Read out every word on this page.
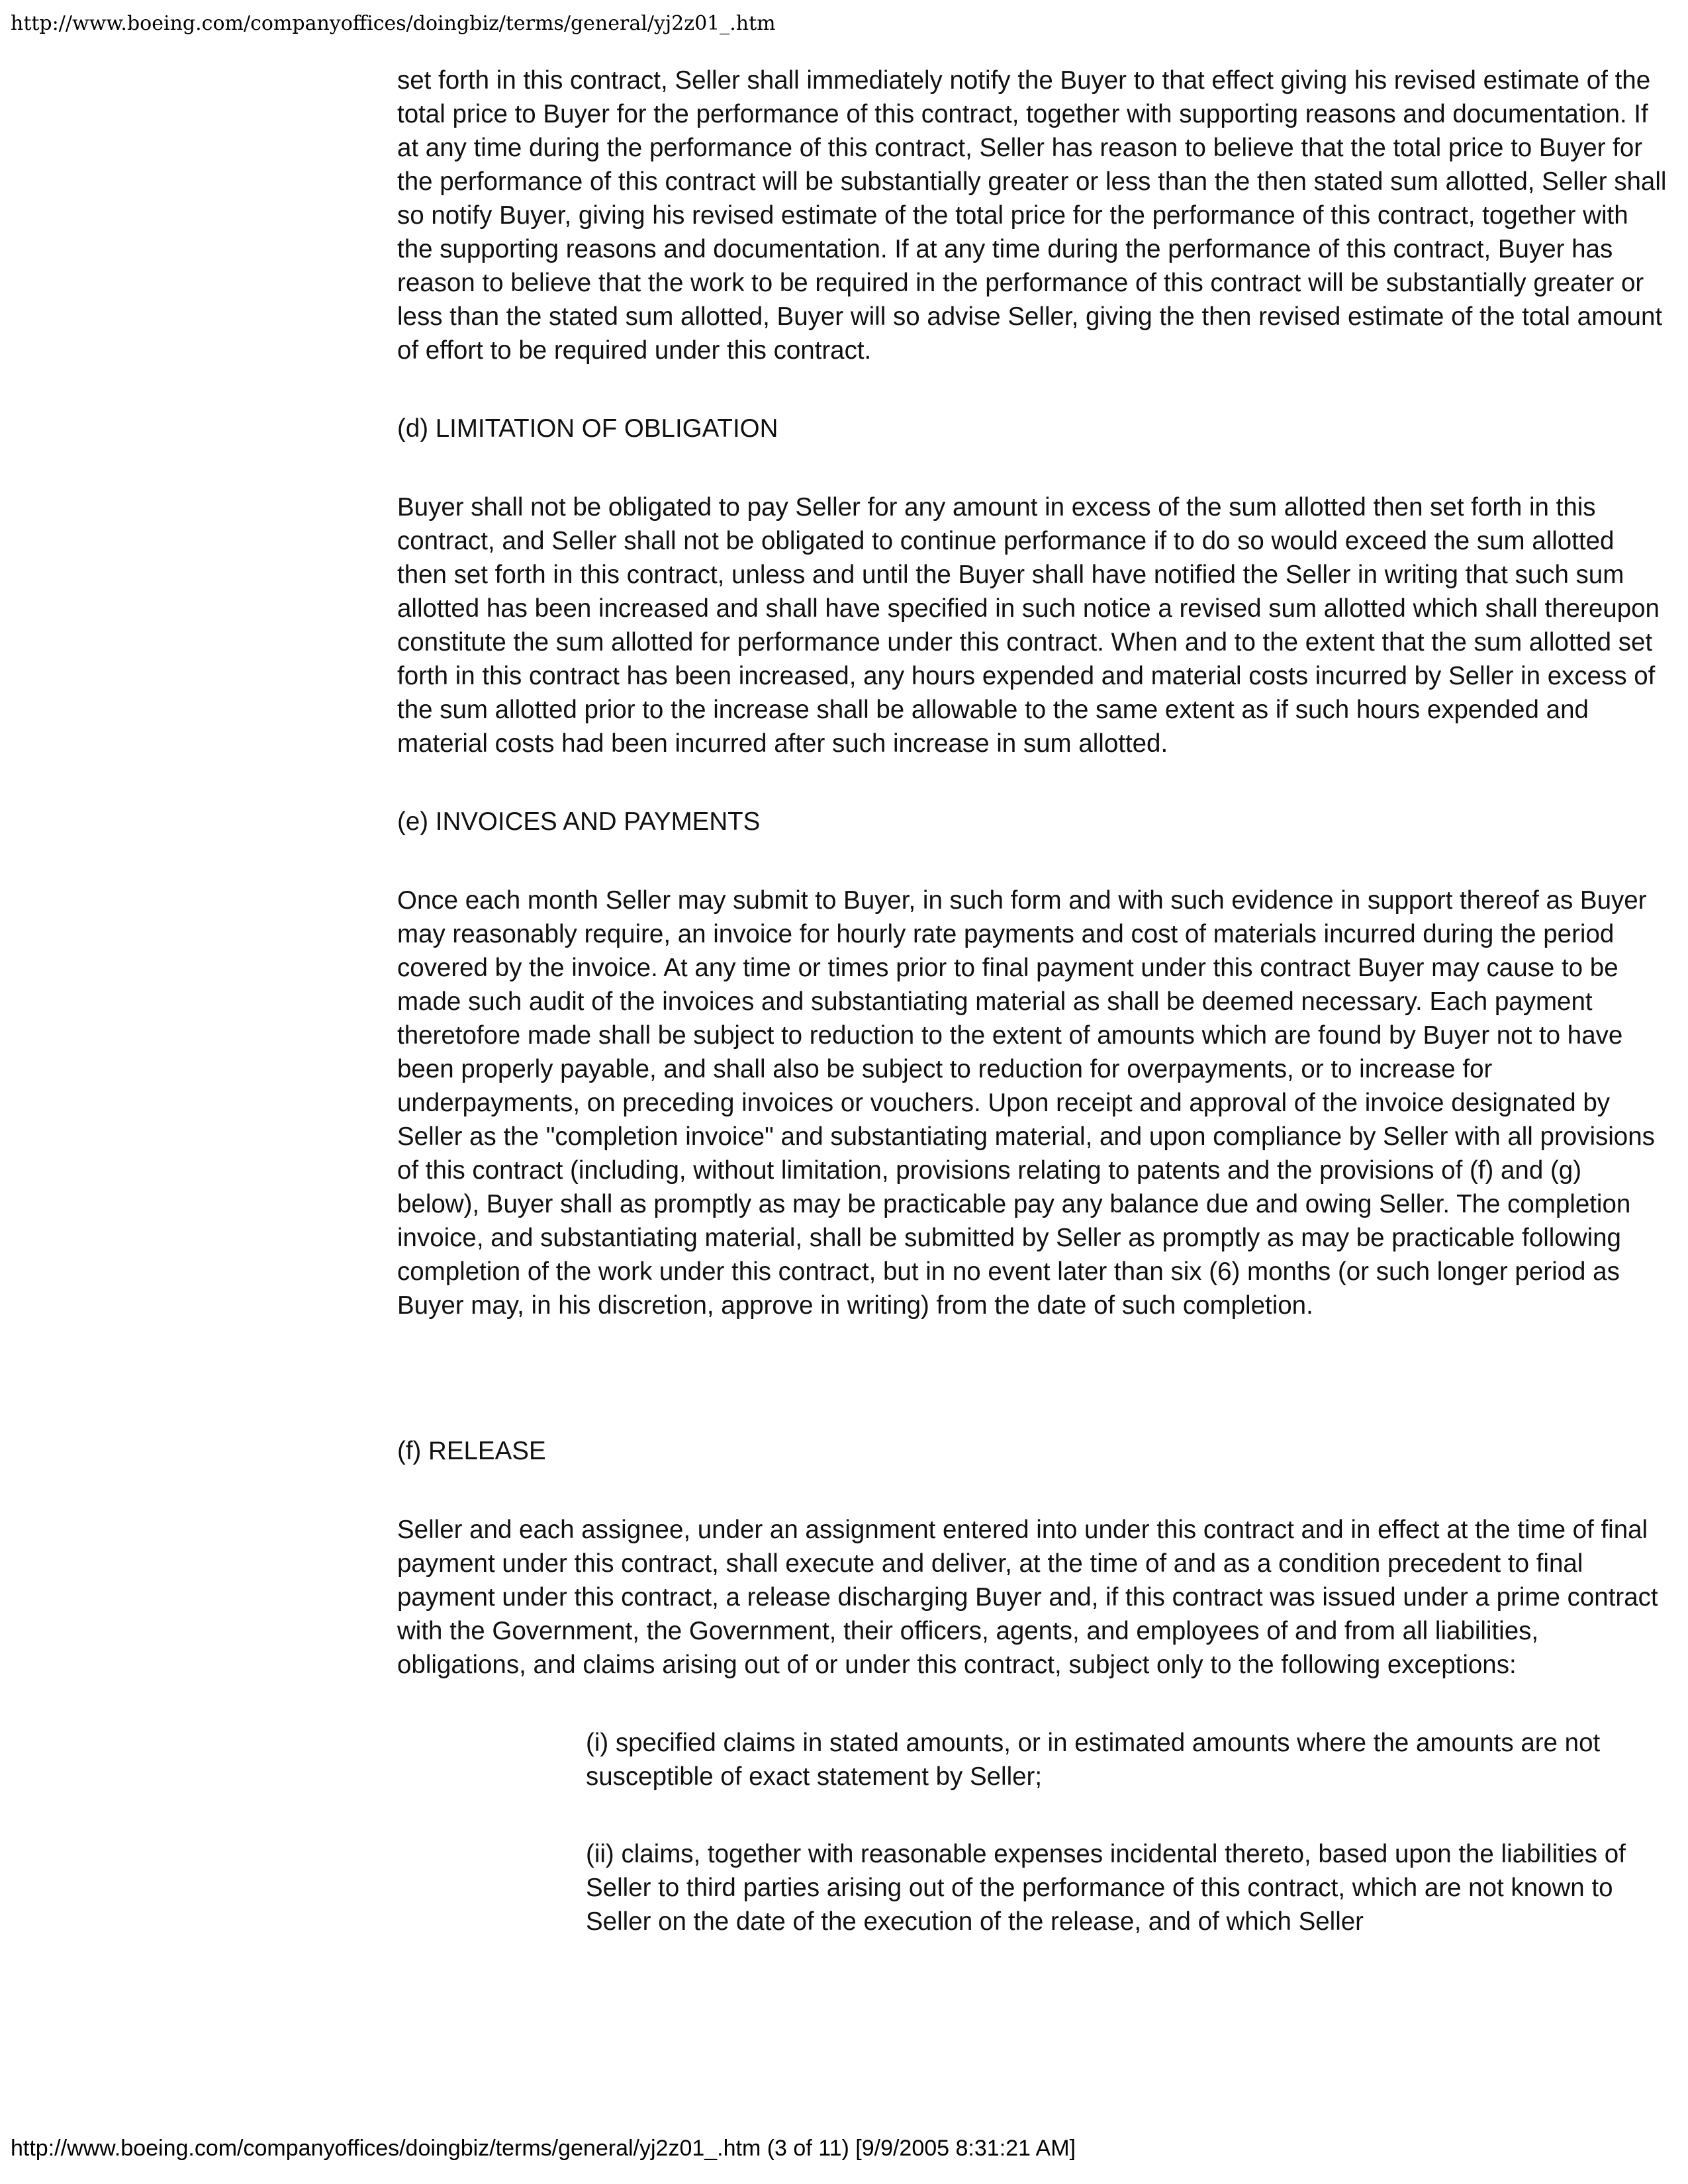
http://www.boeing.com/companyoffices/doingbiz/terms/general/yj2z01_.htm

set forth in this contract, Seller shall immediately notify the Buyer to that effect giving his revised estimate of the total price to Buyer for the performance of this contract, together with supporting reasons and documentation. If at any time during the performance of this contract, Seller has reason to believe that the total price to Buyer for the performance of this contract will be substantially greater or less than the then stated sum allotted, Seller shall so notify Buyer, giving his revised estimate of the total price for the performance of this contract, together with the supporting reasons and documentation. If at any time during the performance of this contract, Buyer has reason to believe that the work to be required in the performance of this contract will be substantially greater or less than the stated sum allotted, Buyer will so advise Seller, giving the then revised estimate of the total amount of effort to be required under this contract.

(d) LIMITATION OF OBLIGATION

Buyer shall not be obligated to pay Seller for any amount in excess of the sum allotted then set forth in this contract, and Seller shall not be obligated to continue performance if to do so would exceed the sum allotted then set forth in this contract, unless and until the Buyer shall have notified the Seller in writing that such sum allotted has been increased and shall have specified in such notice a revised sum allotted which shall thereupon constitute the sum allotted for performance under this contract. When and to the extent that the sum allotted set forth in this contract has been increased, any hours expended and material costs incurred by Seller in excess of the sum allotted prior to the increase shall be allowable to the same extent as if such hours expended and material costs had been incurred after such increase in sum allotted.

(e) INVOICES AND PAYMENTS

Once each month Seller may submit to Buyer, in such form and with such evidence in support thereof as Buyer may reasonably require, an invoice for hourly rate payments and cost of materials incurred during the period covered by the invoice. At any time or times prior to final payment under this contract Buyer may cause to be made such audit of the invoices and substantiating material as shall be deemed necessary. Each payment theretofore made shall be subject to reduction to the extent of amounts which are found by Buyer not to have been properly payable, and shall also be subject to reduction for overpayments, or to increase for underpayments, on preceding invoices or vouchers. Upon receipt and approval of the invoice designated by Seller as the "completion invoice" and substantiating material, and upon compliance by Seller with all provisions of this contract (including, without limitation, provisions relating to patents and the provisions of (f) and (g) below), Buyer shall as promptly as may be practicable pay any balance due and owing Seller. The completion invoice, and substantiating material, shall be submitted by Seller as promptly as may be practicable following completion of the work under this contract, but in no event later than six (6) months (or such longer period as Buyer may, in his discretion, approve in writing) from the date of such completion.

(f) RELEASE

Seller and each assignee, under an assignment entered into under this contract and in effect at the time of final payment under this contract, shall execute and deliver, at the time of and as a condition precedent to final payment under this contract, a release discharging Buyer and, if this contract was issued under a prime contract with the Government, the Government, their officers, agents, and employees of and from all liabilities, obligations, and claims arising out of or under this contract, subject only to the following exceptions:

(i) specified claims in stated amounts, or in estimated amounts where the amounts are not susceptible of exact statement by Seller;

(ii) claims, together with reasonable expenses incidental thereto, based upon the liabilities of Seller to third parties arising out of the performance of this contract, which are not known to Seller on the date of the execution of the release, and of which Seller

http://www.boeing.com/companyoffices/doingbiz/terms/general/yj2z01_.htm (3 of 11) [9/9/2005 8:31:21 AM]
